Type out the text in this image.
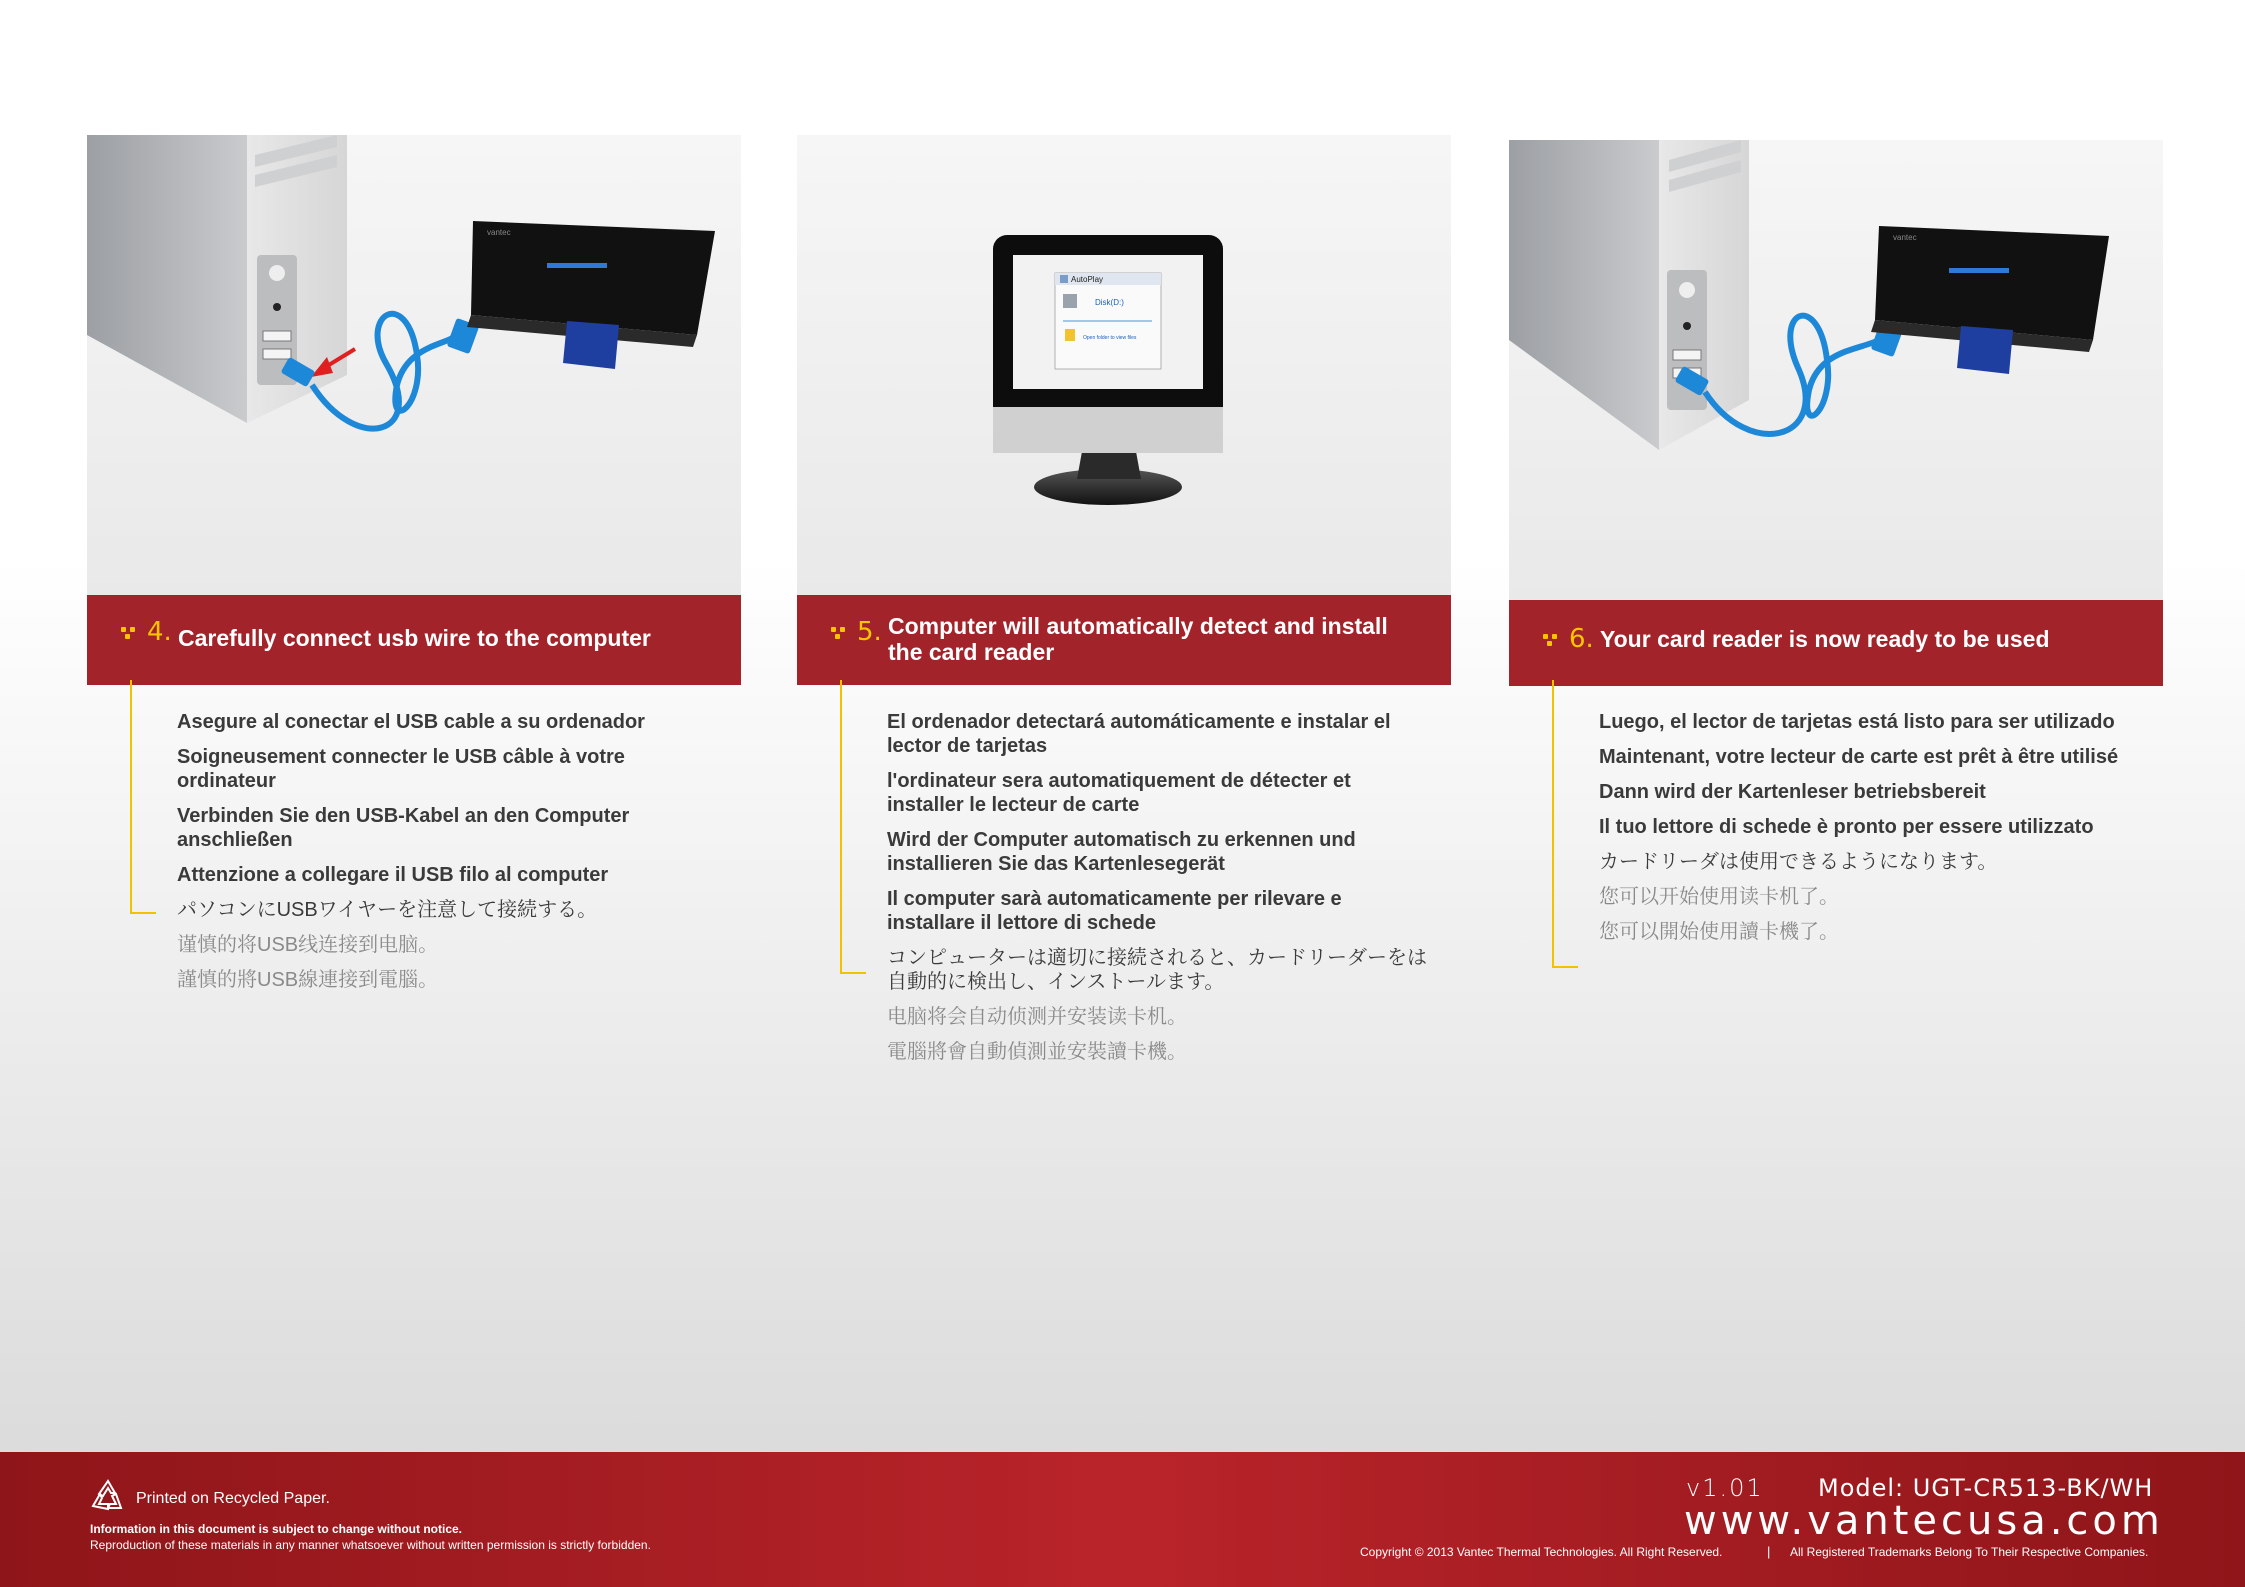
vantec
4. Carefully connect usb wire to the computer
Asegure al conectar el USB cable a su ordenador
Soigneusement connecter le USB câble à votre ordinateur
Verbinden Sie den USB-Kabel an den Computer anschließen
Attenzione a collegare il USB filo al computer
パソコンにUSBワイヤーを注意して接続する。
谨慎的将USB线连接到电脑。
謹慎的將USB線連接到電腦。
AutoPlay
Disk(D:)
Open folder to view files
5. Computer will automatically detect and install the card reader
El ordenador detectará automáticamente e instalar el lector de tarjetas
l'ordinateur sera automatiquement de détecter et installer le lecteur de carte
Wird der Computer automatisch zu erkennen und installieren Sie das Kartenlesegerät
Il computer sarà automaticamente per rilevare e installare il lettore di schede
コンピューターは適切に接続されると、カードリーダーをは自動的に検出し、インストールます。
电脑将会自动侦测并安装读卡机。
電腦將會自動偵測並安裝讀卡機。
vantec
6. Your card reader is now ready to be used
Luego, el lector de tarjetas está listo para ser utilizado
Maintenant, votre lecteur de carte est prêt à être utilisé
Dann wird der Kartenleser betriebsbereit
Il tuo lettore di schede è pronto per essere utilizzato
カードリーダは使用できるようになります。
您可以开始使用读卡机了。
您可以開始使用讀卡機了。
Printed on Recycled Paper.
Information in this document is subject to change without notice.
Reproduction of these materials in any manner whatsoever without written permission is strictly forbidden.
v1.01 Model: UGT-CR513-BK/WH
www.vantecusa.com
Copyright © 2013 Vantec Thermal Technologies. All Right Reserved.	| All Registered Trademarks Belong To Their Respective Companies.
